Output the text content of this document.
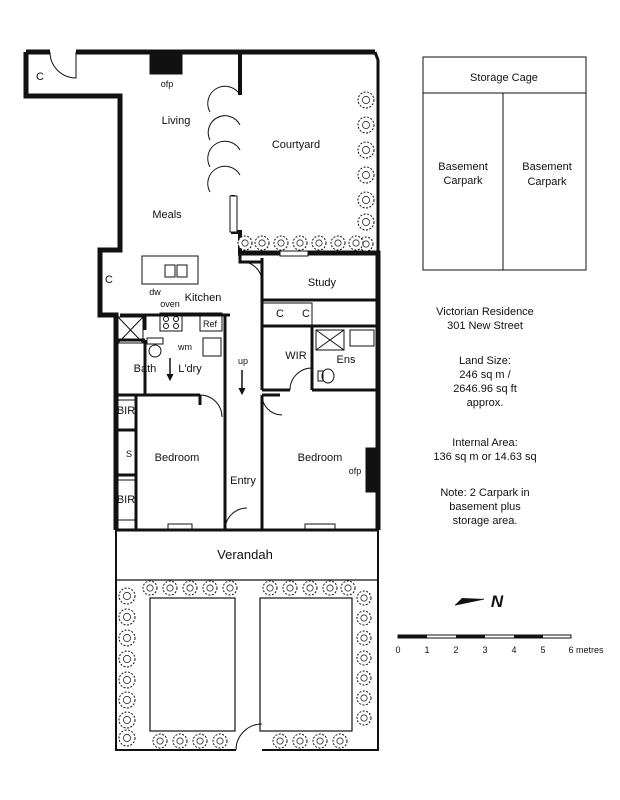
C
ofp
Living
Courtyard
Meals
C
dw Kitchen
oven
Ref
wm
Study
C C
WIR	Ens
Bath L'dry
up
BIR
S
BIR
Bedroom	Bedroom
ofp
Entry
Verandah
Storage Cage
Basement
Carpark
Basement
Carpark
N
0	1	2	3	4	5	6 metres
Victorian Residence
301 New Street
Land Size:
246 sq m /
2646.96 sq ft
approx.
Internal Area:
136 sq m or 14.63 sq
Note: 2 Carpark in
basement plus
storage area.
